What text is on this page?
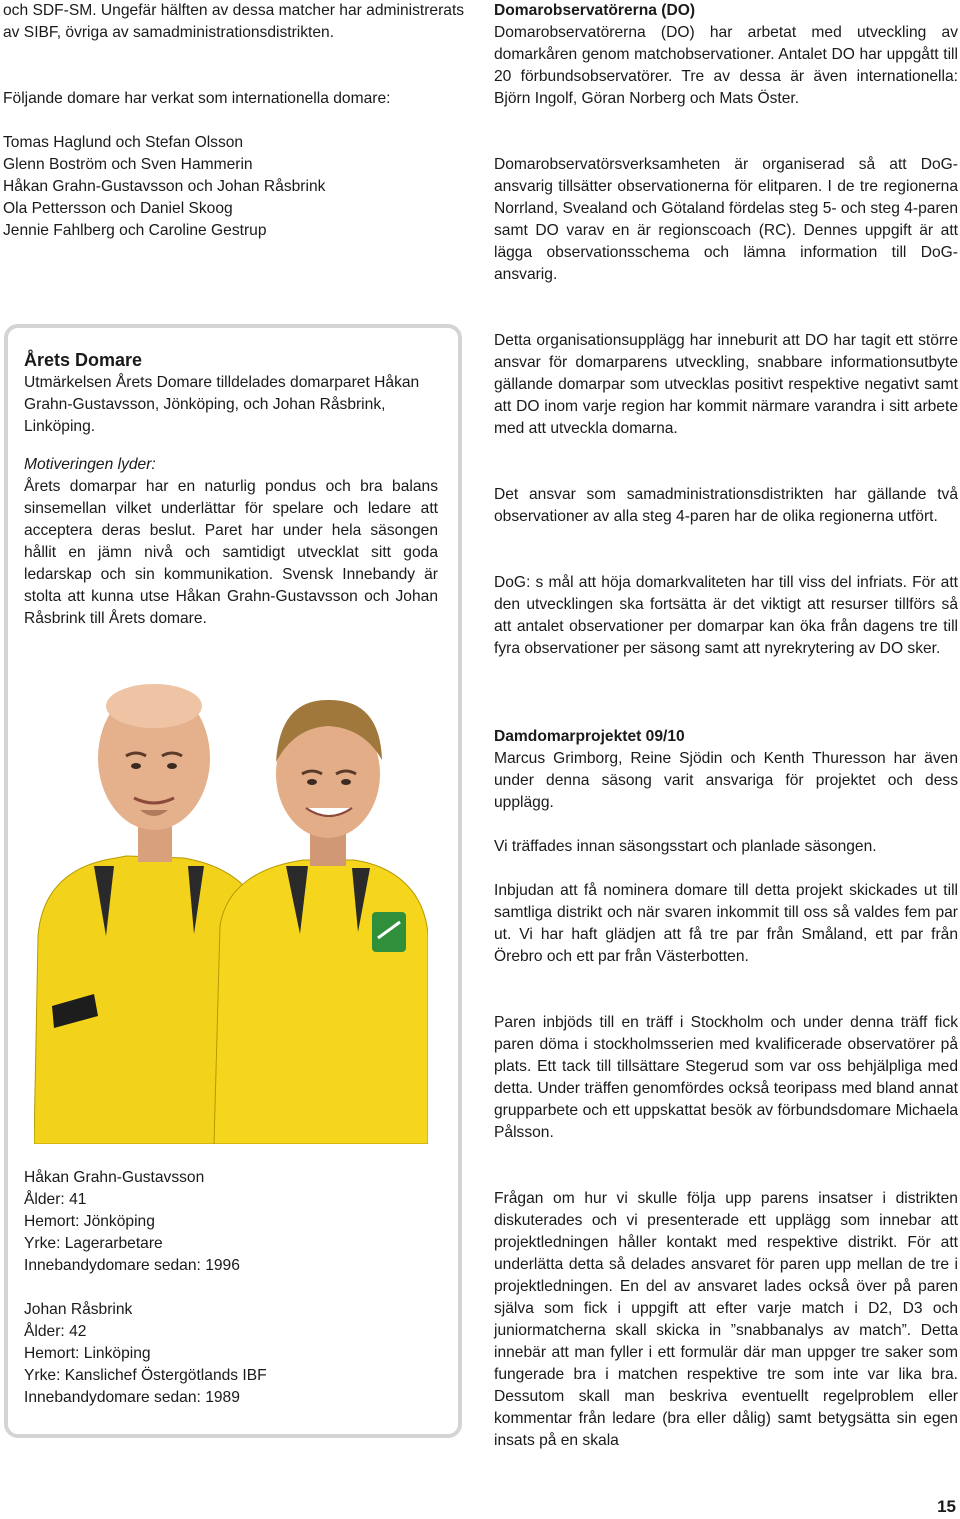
och SDF-SM. Ungefär hälften av dessa matcher har administrerats av SIBF, övriga av samadministrationsdistrikten.

Följande domare har verkat som internationella domare:

Tomas Haglund och Stefan Olsson

Glenn Boström och Sven Hammerin

Håkan Grahn-Gustavsson och Johan Råsbrink

Ola Pettersson och Daniel Skoog

Jennie Fahlberg och Caroline Gestrup

Årets Domare

Utmärkelsen Årets Domare tilldelades domarparet Håkan Grahn-Gustavsson, Jönköping, och Johan Råsbrink, Linköping.

Motiveringen lyder:

Årets domarpar har en naturlig pondus och bra balans sinsemellan vilket underlättar för spelare och ledare att acceptera deras beslut. Paret har under hela säsongen hållit en jämn nivå och samtidigt utvecklat sitt goda ledarskap och sin kommunikation. Svensk Innebandy är stolta att kunna utse Håkan Grahn-Gustavsson och Johan Råsbrink till Årets domare.

Håkan Grahn-Gustavsson

Ålder: 41

Hemort: Jönköping

Yrke: Lagerarbetare

Innebandydomare sedan: 1996

Johan Råsbrink

Ålder: 42

Hemort: Linköping

Yrke: Kanslichef Östergötlands IBF

Innebandydomare sedan: 1989

Domarobservatörerna (DO)

Domarobservatörerna (DO) har arbetat med utveckling av domarkåren genom matchobservationer. Antalet DO har uppgått till 20 förbundsobservatörer. Tre av dessa är även internationella: Björn Ingolf, Göran Norberg och Mats Öster.

Domarobservatörsverksamheten är organiserad så att DoG-ansvarig tillsätter observationerna för elitparen. I de tre regionerna Norrland, Svealand och Götaland fördelas steg 5- och steg 4-paren samt DO varav en är regionscoach (RC). Dennes uppgift är att lägga observationsschema och lämna information till DoG-ansvarig.

Detta organisationsupplägg har inneburit att DO har tagit ett större ansvar för domarparens utveckling, snabbare informationsutbyte gällande domarpar som utvecklas positivt respektive negativt samt att DO inom varje region har kommit närmare varandra i sitt arbete med att utveckla domarna.

Det ansvar som samadministrationsdistrikten har gällande två observationer av alla steg 4-paren har de olika regionerna utfört.

DoG: s mål att höja domarkvaliteten har till viss del infriats. För att den utvecklingen ska fortsätta är det viktigt att resurser tillförs så att antalet observationer per domarpar kan öka från dagens tre till fyra observationer per säsong samt att nyrekrytering av DO sker.

Damdomarprojektet 09/10

Marcus Grimborg, Reine Sjödin och Kenth Thuresson har även under denna säsong varit ansvariga för projektet och dess upplägg.

Vi träffades innan säsongsstart och planlade säsongen.

Inbjudan att få nominera domare till detta projekt skickades ut till samtliga distrikt och när svaren inkommit till oss så valdes fem par ut. Vi har haft glädjen att få tre par från Småland, ett par från Örebro och ett par från Västerbotten.

Paren inbjöds till en träff i Stockholm och under denna träff fick paren döma i stockholmsserien med kvalificerade observatörer på plats. Ett tack till tillsättare Stegerud som var oss behjälpliga med detta. Under träffen genomfördes också teoripass med bland annat grupparbete och ett uppskattat besök av förbundsdomare Michaela Pålsson.

Frågan om hur vi skulle följa upp parens insatser i distrikten diskuterades och vi presenterade ett upplägg som innebar att projektledningen håller kontakt med respektive distrikt. För att underlätta detta så delades ansvaret för paren upp mellan de tre i projektledningen. En del av ansvaret lades också över på paren själva som fick i uppgift att efter varje match i D2, D3 och juniormatcherna skall skicka in ”snabbanalys av match”. Detta innebär att man fyller i ett formulär där man uppger tre saker som fungerade bra i matchen respektive tre som inte var lika bra. Dessutom skall man beskriva eventuellt regelproblem eller kommentar från ledare (bra eller dålig) samt betygsätta sin egen insats på en skala

15
